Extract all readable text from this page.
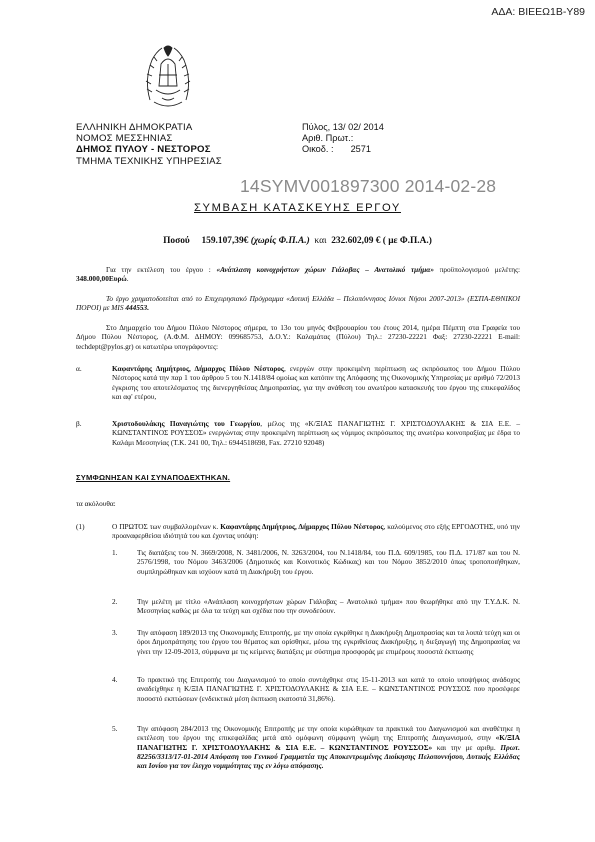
ΑΔΑ: ΒΙΕΕΩ1Β-Υ89
ΕΛΛΗΝΙΚΗ ΔΗΜΟΚΡΑΤΙΑ
ΝΟΜΟΣ ΜΕΣΣΗΝΙΑΣ
ΔΗΜΟΣ ΠΥΛΟΥ - ΝΕΣΤΟΡΟΣ
ΤΜΗΜΑ ΤΕΧΝΙΚΗΣ ΥΠΗΡΕΣΙΑΣ
Πύλος, 13/ 02/ 2014
Αριθ. Πρωτ.:
Οικοδ. : 2571
14SYMV001897300 2014-02-28
ΣΥΜΒΑΣΗ ΚΑΤΑΣΚΕΥΗΣ ΕΡΓΟΥ
Ποσού 159.107,39€ (χωρίς Φ.Π.Α.) και 232.602,09 € ( με Φ.Π.Α.)
Για την εκτέλεση του έργου : «Ανάπλαση κοινοχρήστων χώρων Γιάλοβας – Ανατολικό τμήμα» προϋπολογισμού μελέτης: 348.000,00Ευρώ.
Το έργο χρηματοδοτείται από το Επιχειρησιακό Πρόγραμμα «Δυτική Ελλάδα – Πελοπόννησος Ιόνιοι Νήσοι 2007-2013» (ΕΣΠΑ-ΕΘΝΙΚΟΙ ΠΟΡΟΙ) με MIS 444553.
Στο Δημαρχείο του Δήμου Πύλου Νέστορος σήμερα, το 13ο του μηνός Φεβρουαρίου του έτους 2014, ημέρα Πέμπτη στα Γραφεία του Δήμου Πύλου Νέστορος, (Α.Φ.Μ. ΔΗΜΟΥ: 099685753, Δ.Ο.Υ.: Καλαμάτας (Πύλου) Τηλ.: 27230-22221 Φαξ: 27230-22221 E-mail: techdept@pylos.gr) οι κατωτέρω υπογράφοντες:
α.	Καφαντάρης Δημήτριος, Δήμαρχος Πύλου Νέστορος, ενεργών στην προκειμένη περίπτωση ως εκπρόσωπος του Δήμου Πύλου Νέστορος κατά την παρ 1 του άρθρου 5 του Ν.1418/84 ομοίως και κατόπιν της Απόφασης της Οικονομικής Υπηρεσίας με αριθμό 72/2013 έγκρισης του αποτελέσματος της διενεργηθείσας Δημοπρασίας, για την ανάθεση του ανωτέρου κατασκευής του έργου της επικεφαλίδος και αφ' ετέρου,
β.	Χριστοδουλάκης Παναγιώτης του Γεωργίου, μέλος της «Κ/ΞΙΑΣ ΠΑΝΑΓΙΩΤΗΣ Γ. ΧΡΙΣΤΟΔΟΥΛΑΚΗΣ & ΣΙΑ Ε.Ε. – ΚΩΝΣΤΑΝΤΙΝΟΣ ΡΟΥΣΣΟΣ» ενεργώντας στην προκειμένη περίπτωση ως νόμιμος εκπρόσωπος της ανωτέρω κοινοπραξίας με έδρα το Καλάμι Μεσσηνίας (Τ.Κ. 241 00, Τηλ.: 6944518698, Fax. 27210 92048)
ΣΥΜΦΩΝΗΣΑΝ ΚΑΙ ΣΥΝΑΠΟΔΕΧΤΗΚΑΝ.
τα ακόλουθα:
(1)	Ο ΠΡΩΤΟΣ των συμβαλλομένων κ. Καφαντάρης Δημήτριος, Δήμαρχος Πύλου Νέστορος, καλούμενος στο εξής ΕΡΓΟΔΟΤΗΣ, υπό την προαναφερθείσα ιδιότητά του και έχοντας υπόψη:
1.	Τις διατάξεις του Ν. 3669/2008, Ν. 3481/2006, Ν. 3263/2004, του Ν.1418/84, του Π.Δ. 609/1985, του Π.Δ. 171/87 και του Ν. 2576/1998, του Νόμου 3463/2006 (Δημοτικός και Κοινοτικός Κώδικας) και του Νόμου 3852/2010 όπως τροποποιήθηκαν, συμπληρώθηκαν και ισχύουν κατά τη Διακήρυξη του έργου.
2.	Την μελέτη με τίτλο «Ανάπλαση κοινοχρήστων χώρων Γιάλοβας – Ανατολικό τμήμα» που θεωρήθηκε από την Τ.Υ.Δ.Κ. Ν. Μεσσηνίας καθώς με όλα τα τεύχη και σχέδια που την συνοδεύουν.
3.	Την απόφαση 189/2013 της Οικονομικής Επιτροπής, με την οποία εγκρίθηκε η Διακήρυξη Δημοπρασίας και τα λοιπά τεύχη και οι όροι Δημοπράτησης του έργου του θέματος και ορίσθηκε, μέσω της εγκριθείσας Διακήρυξης, η διεξαγωγή της Δημοπρασίας να γίνει την 12-09-2013, σύμφωνα με τις κείμενες διατάξεις με σύστημα προσφοράς με επιμέρους ποσοστά έκπτωσης
4.	Το πρακτικό της Επιτροπής του Διαγωνισμού το οποίο συντάχθηκε στις 15-11-2013 και κατά το οποίο υποψήφιος ανάδοχος αναδείχθηκε η Κ/ΞΙΑ ΠΑΝΑΓΙΩΤΗΣ Γ. ΧΡΙΣΤΟΔΟΥΛΑΚΗΣ & ΣΙΑ Ε.Ε. – ΚΩΝΣΤΑΝΤΙΝΟΣ ΡΟΥΣΣΟΣ που προσέφερε ποσοστό εκπτώσεων (ενδεικτικά μέση έκπτωση εκατοστά 31,86%).
5.	Την απόφαση 284/2013 της Οικονομικής Επιτροπής με την οποία κυρώθηκαν τα πρακτικά του Διαγωνισμού και αναθέτηκε η εκτέλεση του έργου της επικεφαλίδας μετά από ομόφωνη σύμφωνη γνώμη της Επιτροπής Διαγωνισμού, στην «Κ/ΞΙΑ ΠΑΝΑΓΙΩΤΗΣ Γ. ΧΡΙΣΤΟΔΟΥΛΑΚΗΣ & ΣΙΑ Ε.Ε. – ΚΩΝΣΤΑΝΤΙΝΟΣ ΡΟΥΣΣΟΣ» και την με αριθμ. Πρωτ. 82256/3313/17-01-2014 Απόφαση του Γενικού Γραμματέα της Αποκεντρωμένης Διοίκησης Πελοποννήσου, Δυτικής Ελλάδας και Ιονίου για τον έλεγχο νομιμότητας της εν λόγω απόφασης.
